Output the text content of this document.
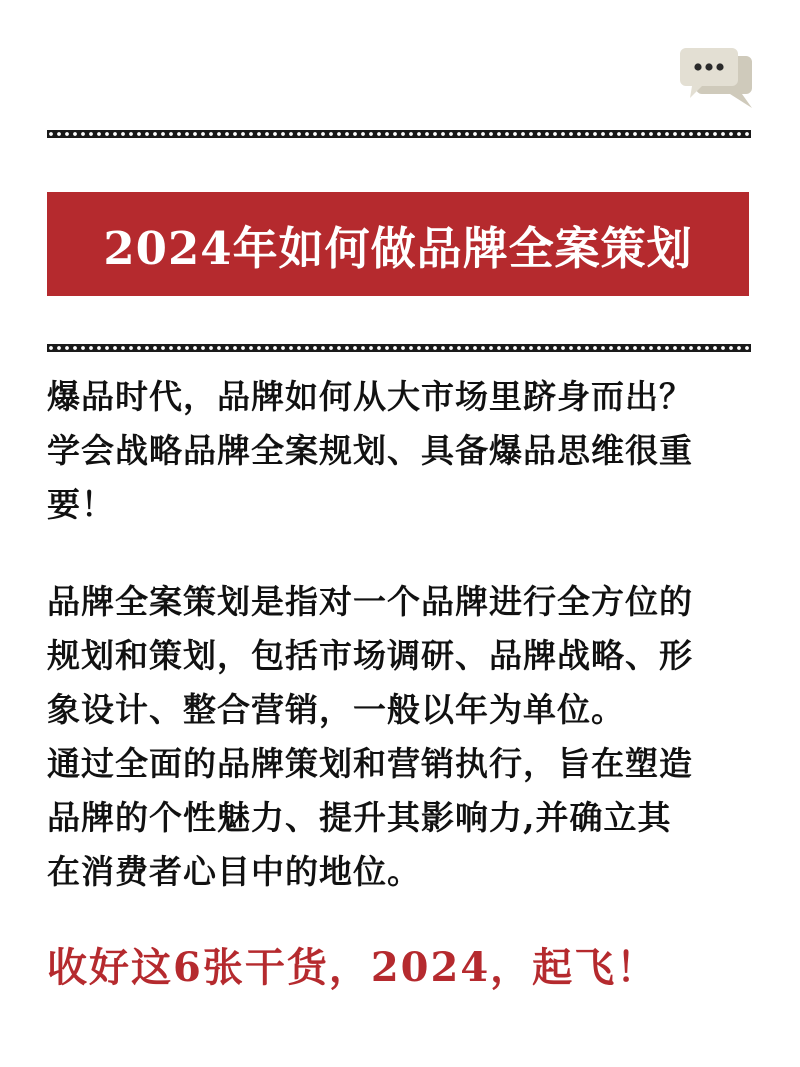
2024年如何做品牌全案策划

爆品时代，品牌如何从大市场里跻身而出？
学会战略品牌全案规划、具备爆品思维很重
要！

品牌全案策划是指对一个品牌进行全方位的
规划和策划，包括市场调研、品牌战略、形
象设计、整合营销，一般以年为单位。
通过全面的品牌策划和营销执行，旨在塑造
品牌的个性魅力、提升其影响力,并确立其
在消费者心目中的地位。

收好这6张干货，2024，起飞！
